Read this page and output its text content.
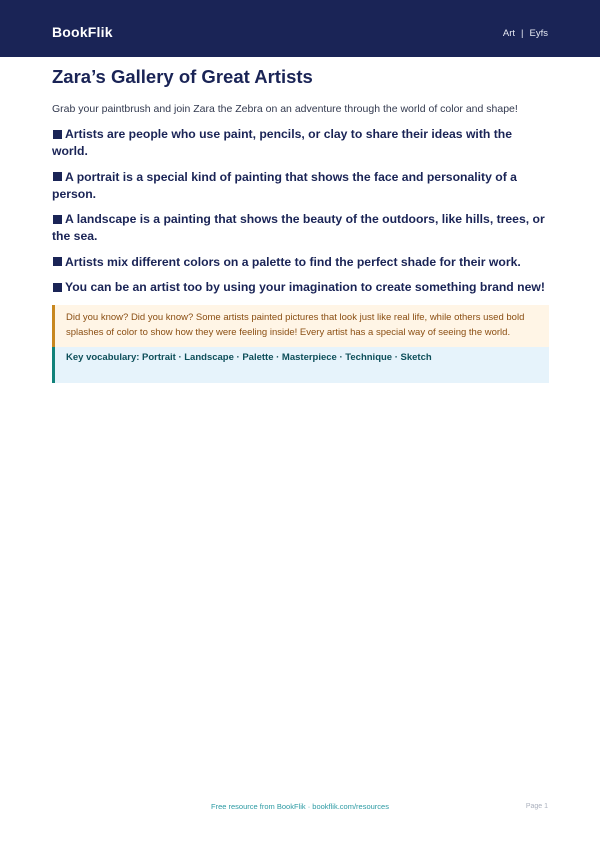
BookFlik	Art | Eyfs
Zara’s Gallery of Great Artists

Grab your paintbrush and join Zara the Zebra on an adventure through the world of color and shape!

Artists are people who use paint, pencils, or clay to share their ideas with the world.
A portrait is a special kind of painting that shows the face and personality of a person.
A landscape is a painting that shows the beauty of the outdoors, like hills, trees, or the sea.
Artists mix different colors on a palette to find the perfect shade for their work.
You can be an artist too by using your imagination to create something brand new!
Did you know? Did you know? Some artists painted pictures that look just like real life, while others used bold splashes of color to show how they were feeling inside! Every artist has a special way of seeing the world.
Key vocabulary: Portrait · Landscape · Palette · Masterpiece · Technique · Sketch
Free resource from BookFlik · bookflik.com/resources	Page 1
